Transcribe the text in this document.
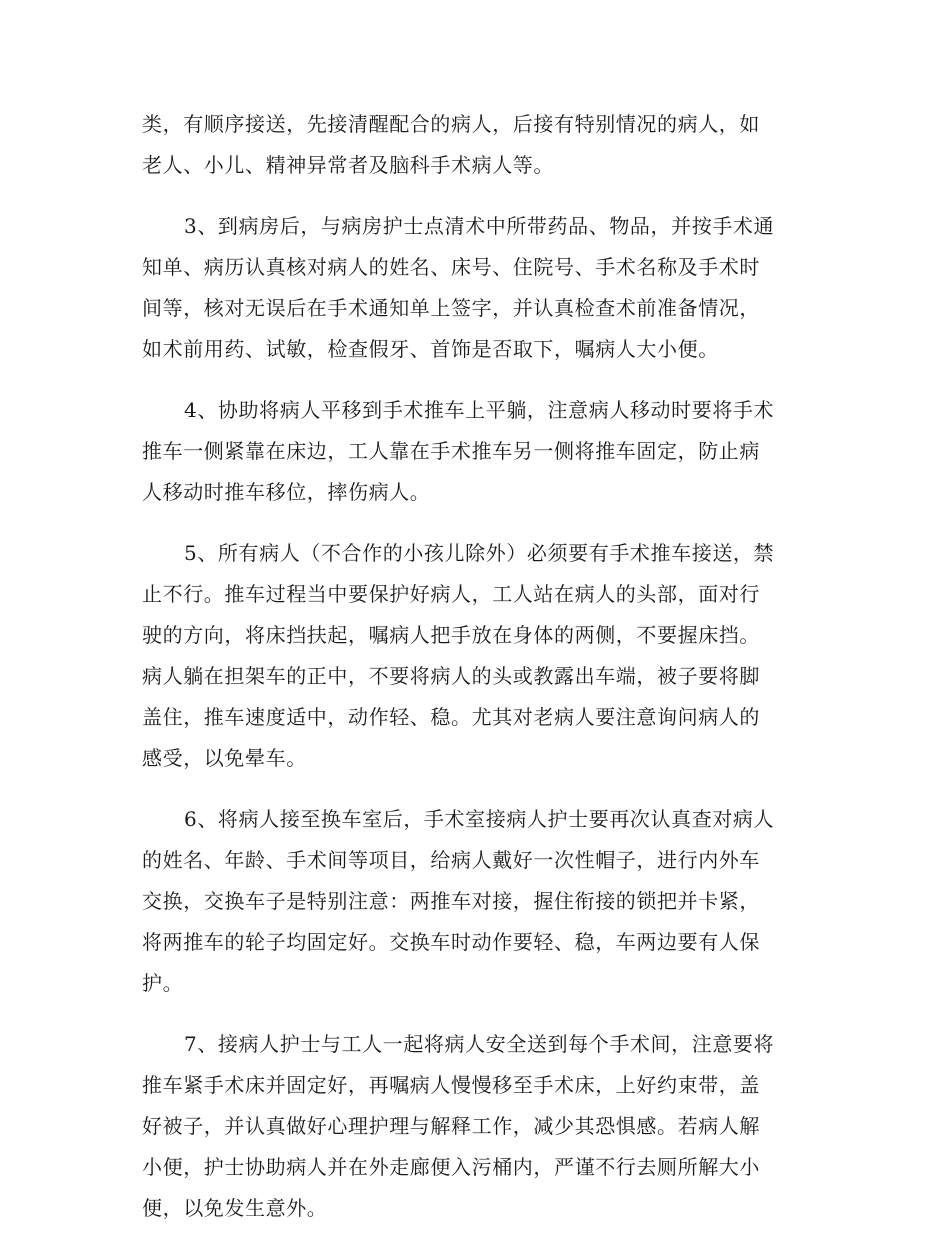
类，有顺序接送，先接清醒配合的病人，后接有特别情况的病人，如
老人、小儿、精神异常者及脑科手术病人等。

3、到病房后，与病房护士点清术中所带药品、物品，并按手术通
知单、病历认真核对病人的姓名、床号、住院号、手术名称及手术时
间等，核对无误后在手术通知单上签字，并认真检查术前准备情况，
如术前用药、试敏，检查假牙、首饰是否取下，嘱病人大小便。

4、协助将病人平移到手术推车上平躺，注意病人移动时要将手术
推车一侧紧靠在床边，工人靠在手术推车另一侧将推车固定，防止病
人移动时推车移位，摔伤病人。

5、所有病人（不合作的小孩儿除外）必须要有手术推车接送，禁
止不行。推车过程当中要保护好病人，工人站在病人的头部，面对行
驶的方向，将床挡扶起，嘱病人把手放在身体的两侧，不要握床挡。
病人躺在担架车的正中，不要将病人的头或教露出车端，被子要将脚
盖住，推车速度适中，动作轻、稳。尤其对老病人要注意询问病人的
感受，以免晕车。

6、将病人接至换车室后，手术室接病人护士要再次认真查对病人
的姓名、年龄、手术间等项目，给病人戴好一次性帽子，进行内外车
交换，交换车子是特别注意：两推车对接，握住衔接的锁把并卡紧，
将两推车的轮子均固定好。交换车时动作要轻、稳，车两边要有人保
护。

7、接病人护士与工人一起将病人安全送到每个手术间，注意要将
推车紧手术床并固定好，再嘱病人慢慢移至手术床，上好约束带，盖
好被子，并认真做好心理护理与解释工作，减少其恐惧感。若病人解
小便，护士协助病人并在外走廊便入污桶内，严谨不行去厕所解大小
便，以免发生意外。
